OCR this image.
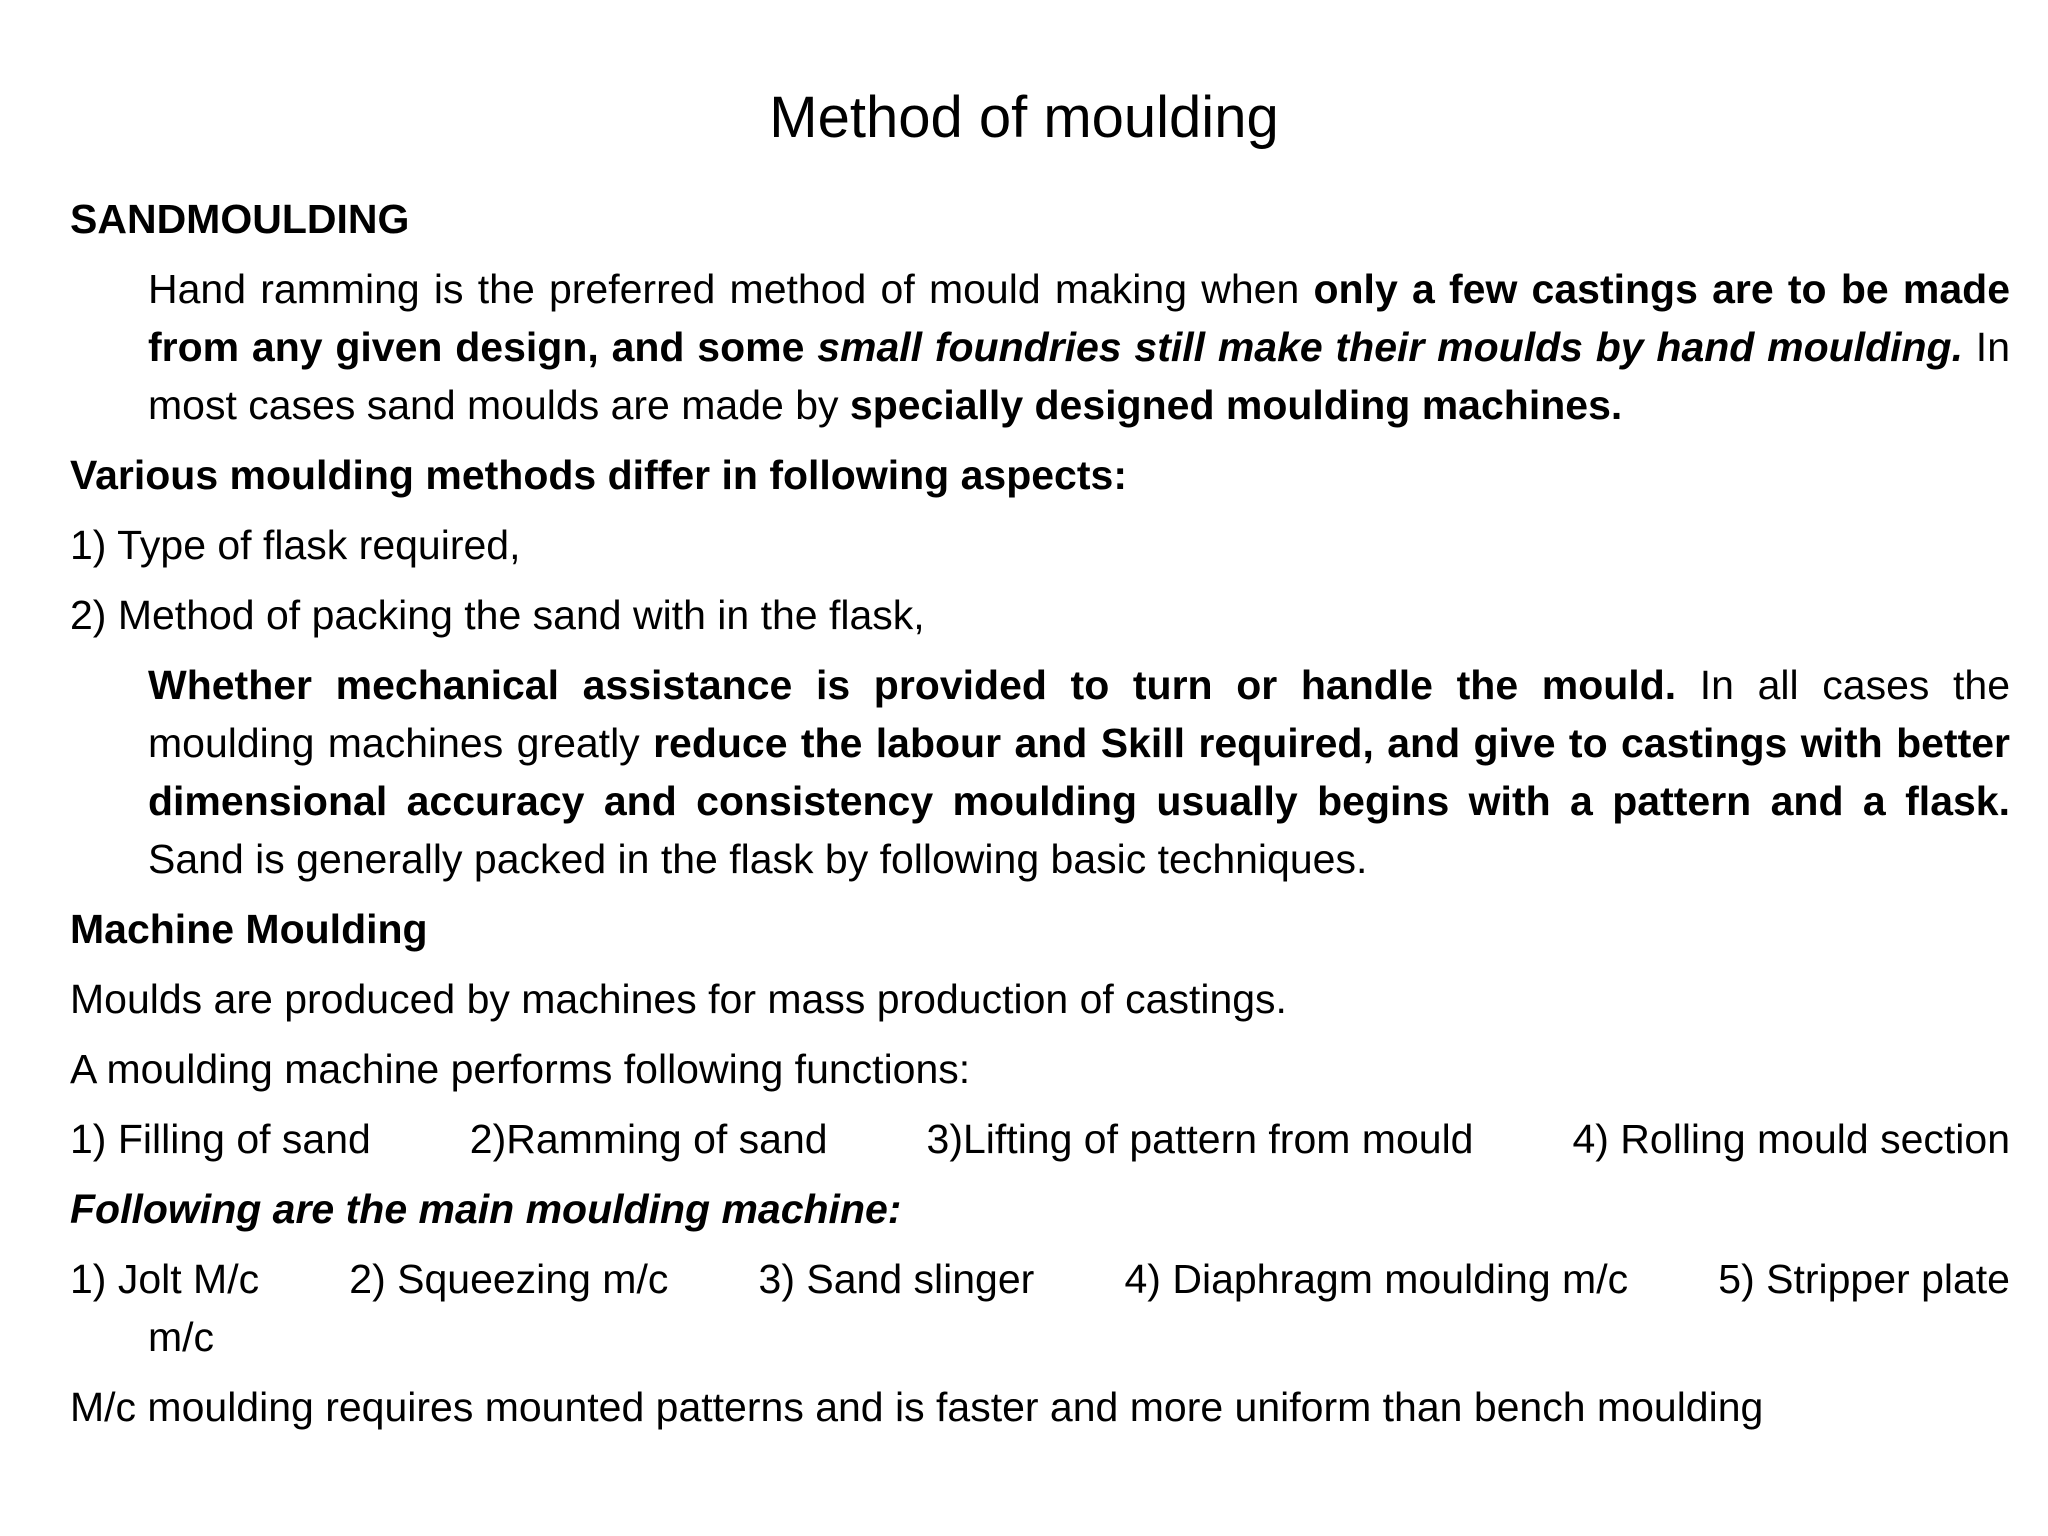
Method of moulding
SANDMOULDING
Hand ramming is the preferred method of mould making when only a few castings are to be made from any given design, and some small foundries still make their moulds by hand moulding. In most cases sand moulds are made by specially designed moulding machines.
Various moulding methods differ in following aspects:
1) Type of flask required,
2) Method of packing the sand with in the flask,
Whether mechanical assistance is provided to turn or handle the mould. In all cases the moulding machines greatly reduce the labour and Skill required, and give to castings with better dimensional accuracy and consistency moulding usually begins with a pattern and a flask. Sand is generally packed in the flask by following basic techniques.
Machine Moulding
Moulds are produced by machines for mass production of castings.
A moulding machine performs following functions:
1) Filling of sand 2)Ramming of sand 3)Lifting of pattern from mould 4) Rolling mould section
Following are the main moulding machine:
1) Jolt M/c 2) Squeezing m/c 3) Sand slinger 4) Diaphragm moulding m/c 5) Stripper plate
m/c
M/c moulding requires mounted patterns and is faster and more uniform than bench moulding
